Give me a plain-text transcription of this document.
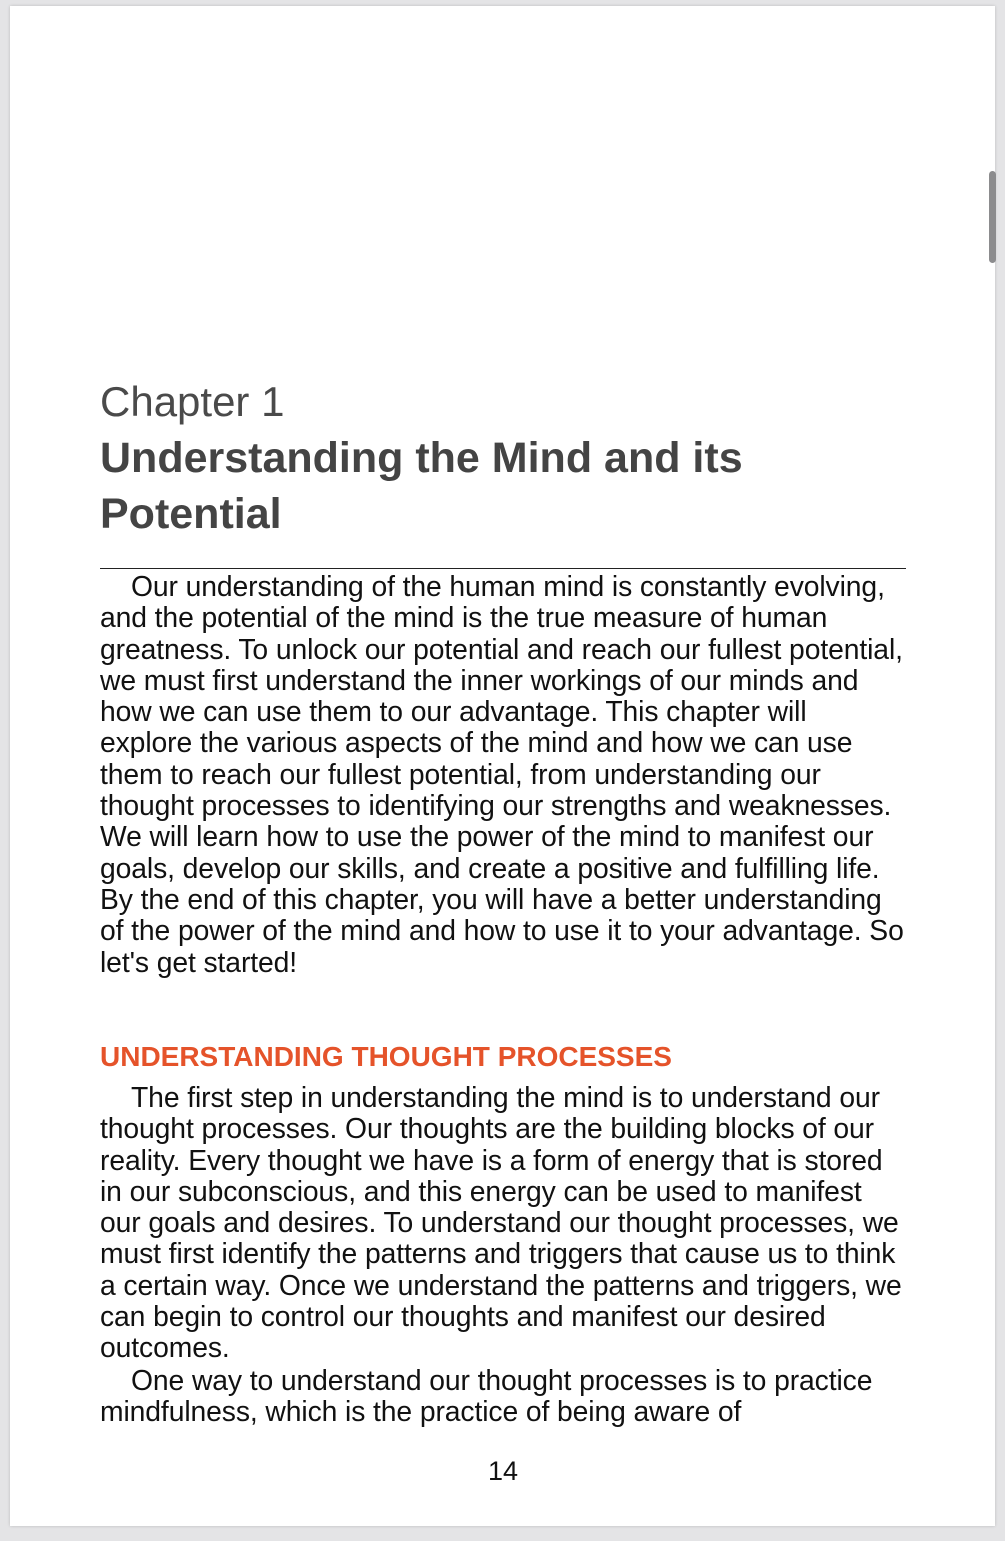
Chapter 1
Understanding the Mind and its Potential

Our understanding of the human mind is constantly evolving, and the potential of the mind is the true measure of human greatness. To unlock our potential and reach our fullest potential, we must first understand the inner workings of our minds and how we can use them to our advantage. This chapter will explore the various aspects of the mind and how we can use them to reach our fullest potential, from understanding our thought processes to identifying our strengths and weaknesses. We will learn how to use the power of the mind to manifest our goals, develop our skills, and create a positive and fulfilling life. By the end of this chapter, you will have a better understanding of the power of the mind and how to use it to your advantage. So let's get started!

UNDERSTANDING THOUGHT PROCESSES

The first step in understanding the mind is to understand our thought processes. Our thoughts are the building blocks of our reality. Every thought we have is a form of energy that is stored in our subconscious, and this energy can be used to manifest our goals and desires. To understand our thought processes, we must first identify the patterns and triggers that cause us to think a certain way. Once we understand the patterns and triggers, we can begin to control our thoughts and manifest our desired outcomes.

One way to understand our thought processes is to practice mindfulness, which is the practice of being aware of

14
